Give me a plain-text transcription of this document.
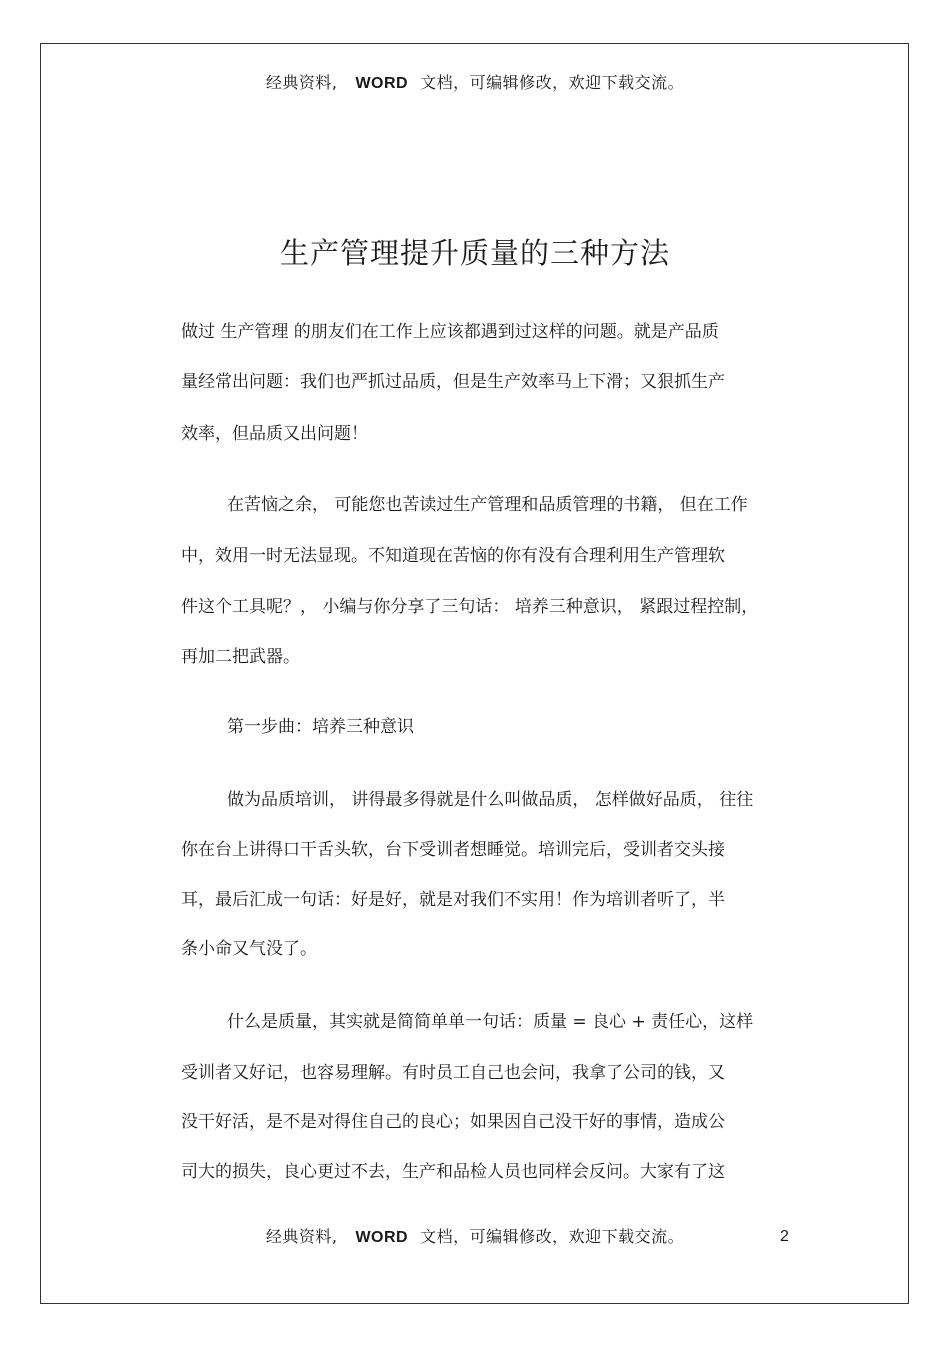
经典资料, WORD 文档，可编辑修改，欢迎下载交流。
生产管理提升质量的三种方法
做过 生产管理 的朋友们在工作上应该都遇到过这样的问题。就是产品质
量经常出问题：我们也严抓过品质，但是生产效率马上下滑；又狠抓生产
效率，但品质又出问题！
在苦恼之余， 可能您也苦读过生产管理和品质管理的书籍， 但在工作
中，效用一时无法显现。不知道现在苦恼的你有没有合理利用生产管理软
件这个工具呢？， 小编与你分享了三句话： 培养三种意识， 紧跟过程控制，
再加二把武器。
第一步曲：培养三种意识
做为品质培训， 讲得最多得就是什么叫做品质， 怎样做好品质， 往往
你在台上讲得口干舌头软，台下受训者想睡觉。培训完后，受训者交头接
耳，最后汇成一句话：好是好，就是对我们不实用！作为培训者听了，半
条小命又气没了。
什么是质量，其实就是简简单单一句话：质量 = 良心 + 责任心，这样
受训者又好记，也容易理解。有时员工自己也会问，我拿了公司的钱，又
没干好活，是不是对得住自己的良心；如果因自己没干好的事情，造成公
司大的损失，良心更过不去，生产和品检人员也同样会反问。大家有了这
经典资料, WORD 文档，可编辑修改，欢迎下载交流。	2
